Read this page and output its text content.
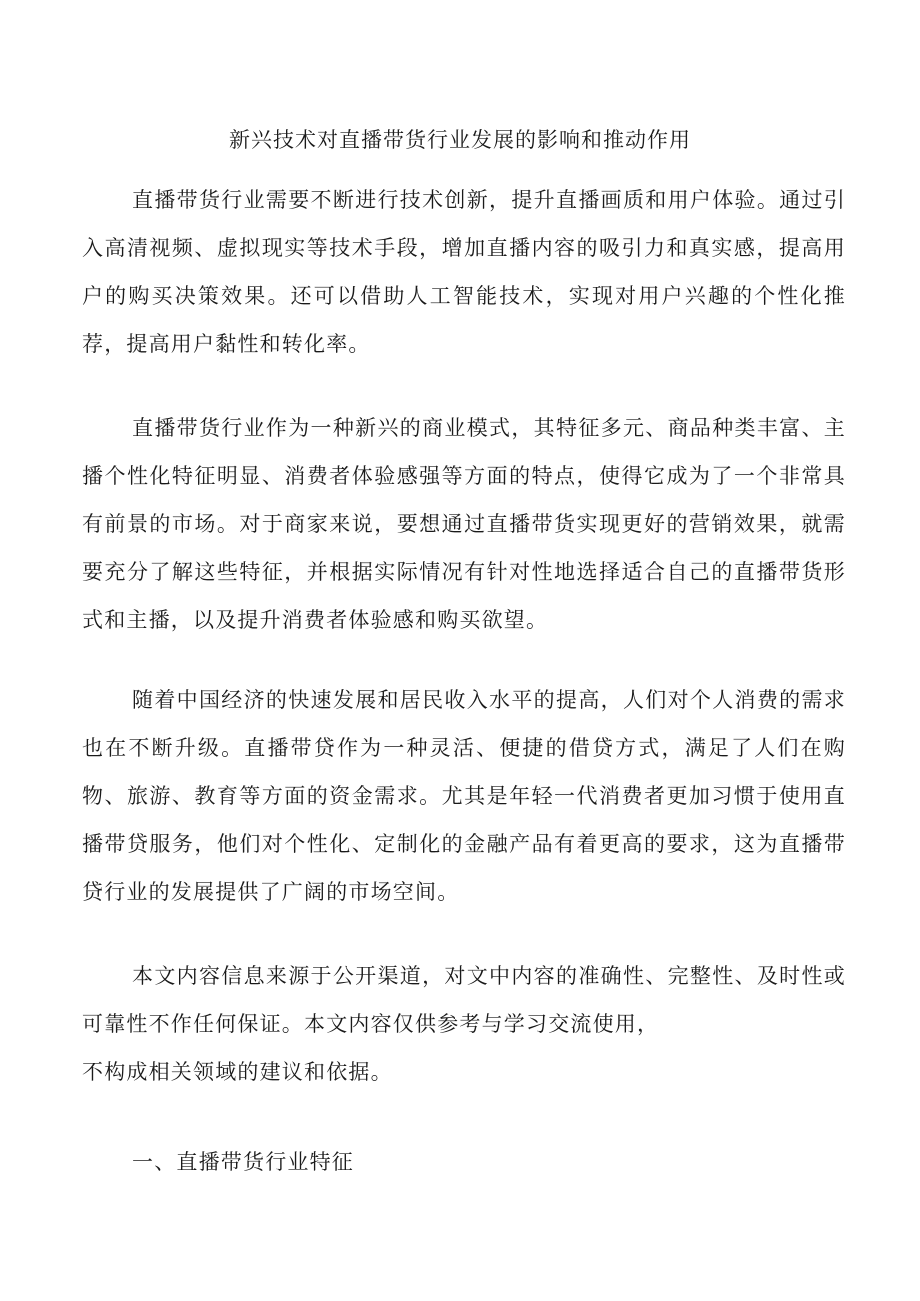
新兴技术对直播带货行业发展的影响和推动作用

直播带货行业需要不断进行技术创新，提升直播画质和用户体验。通过引入高清视频、虚拟现实等技术手段，增加直播内容的吸引力和真实感，提高用户的购买决策效果。还可以借助人工智能技术，实现对用户兴趣的个性化推荐，提高用户黏性和转化率。

直播带货行业作为一种新兴的商业模式，其特征多元、商品种类丰富、主播个性化特征明显、消费者体验感强等方面的特点，使得它成为了一个非常具有前景的市场。对于商家来说，要想通过直播带货实现更好的营销效果，就需要充分了解这些特征，并根据实际情况有针对性地选择适合自己的直播带货形式和主播，以及提升消费者体验感和购买欲望。

随着中国经济的快速发展和居民收入水平的提高，人们对个人消费的需求也在不断升级。直播带贷作为一种灵活、便捷的借贷方式，满足了人们在购物、旅游、教育等方面的资金需求。尤其是年轻一代消费者更加习惯于使用直播带贷服务，他们对个性化、定制化的金融产品有着更高的要求，这为直播带贷行业的发展提供了广阔的市场空间。

本文内容信息来源于公开渠道，对文中内容的准确性、完整性、及时性或可靠性不作任何保证。本文内容仅供参考与学习交流使用，

不构成相关领域的建议和依据。

一、直播带货行业特征
